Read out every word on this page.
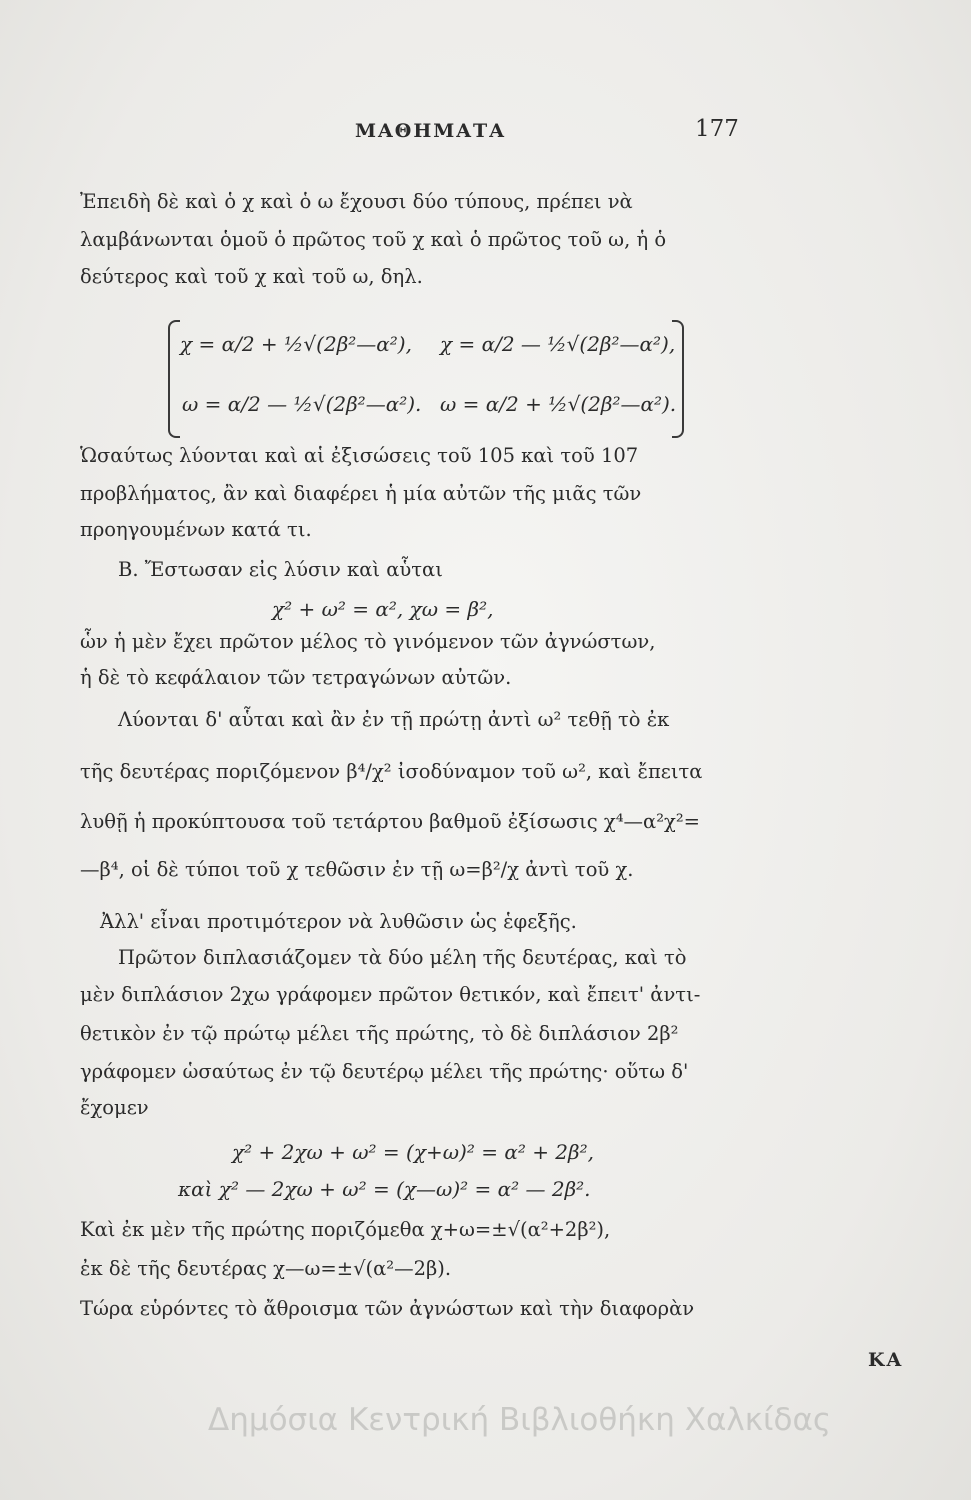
ΜΑΘΗΜΑΤΑ	177
Ἐπειδὴ δὲ καὶ ὁ χ καὶ ὁ ω ἔχουσι δύο τύπους, πρέπει νὰ
λαμβάνωνται ὁμοῦ ὁ πρῶτος τοῦ χ καὶ ὁ πρῶτος τοῦ ω, ἡ ὁ
δεύτερος καὶ τοῦ χ καὶ τοῦ ω, δηλ.
χ = α/2 + ½√(2β²—α²), χ = α/2 — ½√(2β²—α²),
ω = α/2 — ½√(2β²—α²). ω = α/2 + ½√(2β²—α²).
Ὡσαύτως λύονται καὶ αἱ ἐξισώσεις τοῦ 105 καὶ τοῦ 107
προβλήματος, ἂν καὶ διαφέρει ἡ μία αὐτῶν τῆς μιᾶς τῶν
προηγουμένων κατά τι.
Β. Ἔστωσαν εἰς λύσιν καὶ αὗται
χ² + ω² = α², χω = β²,
ὧν ἡ μὲν ἔχει πρῶτον μέλος τὸ γινόμενον τῶν ἀγνώστων,
ἡ δὲ τὸ κεφάλαιον τῶν τετραγώνων αὐτῶν.
Λύονται δ' αὗται καὶ ἂν ἐν τῇ πρώτῃ ἀντὶ ω² τεθῇ τὸ ἐκ
τῆς δευτέρας ποριζόμενον β⁴/χ² ἰσοδύναμον τοῦ ω², καὶ ἔπειτα
λυθῇ ἡ προκύπτουσα τοῦ τετάρτου βαθμοῦ ἐξίσωσις χ⁴—α²χ²=
—β⁴, οἱ δὲ τύποι τοῦ χ τεθῶσιν ἐν τῇ ω=β²/χ ἀντὶ τοῦ χ.
Ἀλλ' εἶναι προτιμότερον νὰ λυθῶσιν ὡς ἑφεξῆς.
Πρῶτον διπλασιάζομεν τὰ δύο μέλη τῆς δευτέρας, καὶ τὸ
μὲν διπλάσιον 2χω γράφομεν πρῶτον θετικόν, καὶ ἔπειτ' ἀντι-
θετικὸν ἐν τῷ πρώτῳ μέλει τῆς πρώτης, τὸ δὲ διπλάσιον 2β²
γράφομεν ὡσαύτως ἐν τῷ δευτέρῳ μέλει τῆς πρώτης· οὕτω δ'
ἔχομεν
χ² + 2χω + ω² = (χ+ω)² = α² + 2β²,
καὶ χ² — 2χω + ω² = (χ—ω)² = α² — 2β².
Καὶ ἐκ μὲν τῆς πρώτης ποριζόμεθα χ+ω=±√(α²+2β²),
ἐκ δὲ τῆς δευτέρας χ—ω=±√(α²—2β).
Τώρα εὑρόντες τὸ ἄθροισμα τῶν ἀγνώστων καὶ τὴν διαφορὰν
ΚΑ
Δημόσια Κεντρική Βιβλιοθήκη Χαλκίδας
